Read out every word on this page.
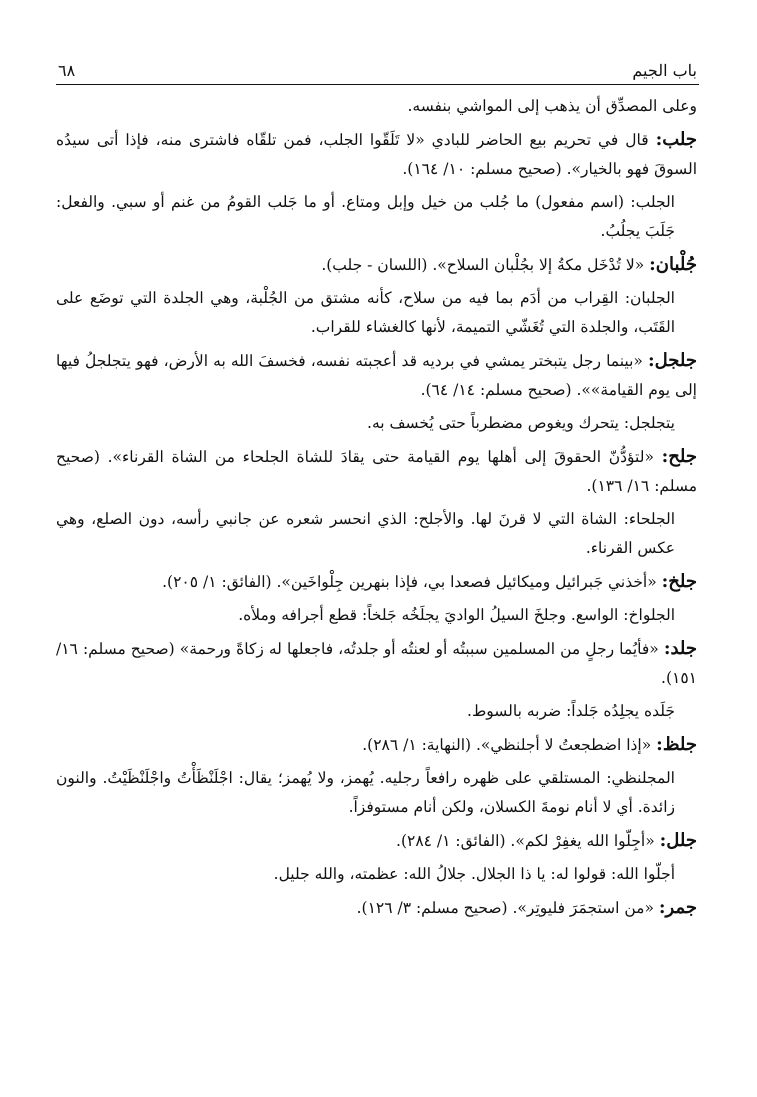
باب الجيم
٦٨

وعلى المصدِّق أن يذهب إلى المواشي بنفسه.

جلب: قال في تحريم بيع الحاضر للبادي «لا تَلَقّوا الجلب، فمن تلقّاه فاشترى منه، فإذا أتى سيدُه السوقَ فهو بالخيار». (صحيح مسلم: ١٠/ ١٦٤).

الجلب: (اسم مفعول) ما جُلب من خيل وإبل ومتاع. أو ما جَلب القومُ من غنم أو سبي. والفعل: جَلَبَ يجلُبُ.

جُلْبان: «لا تُدْخَل مكةُ إلا بجُلْبان السلاح». (اللسان - جلب).

الجلبان: القِراب من أدَم بما فيه من سلاح، كأنه مشتق من الجُلْبة، وهي الجلدة التي توضَع على القَتَب، والجلدة التي تُغَشّي التميمة، لأنها كالغشاء للقراب.

جلجل: «بينما رجل يتبختر يمشي في برديه قد أعجبته نفسه، فخسفَ الله به الأرض، فهو يتجلجلُ فيها إلى يوم القيامة»». (صحيح مسلم: ١٤/ ٦٤).

يتجلجل: يتحرك ويغوص مضطرباً حتى يُخسف به.

جلح: «لتؤدُّنّ الحقوقَ إلى أهلها يوم القيامة حتى يقادَ للشاة الجلحاء من الشاة القرناء». (صحيح مسلم: ١٦/ ١٣٦).

الجلحاء: الشاة التي لا قرنَ لها. والأجلح: الذي انحسر شعره عن جانبي رأسه، دون الصلع، وهي عكس القرناء.

جلخ: «أخذني جَبرائيل وميكائيل فصعدا بي، فإذا بنهرين جِلْواخَين». (الفائق: ١/ ٢٠٥).

الجلواخ: الواسع. وجلخَ السيلُ الواديَ يجلَخُه جَلخاً: قطع أجرافه وملأه.

جلد: «فأيُما رجلٍ من المسلمين سببتُه أو لعنتُه أو جلدتُه، فاجعلها له زكاةً ورحمة» (صحيح مسلم: ١٦/ ١٥١).

جَلَده يجلِدُه جَلداً: ضربه بالسوط.

جلظ: «إذا اضطجعتُ لا أجلنظي». (النهاية: ١/ ٢٨٦).

المجلنظي: المستلقي على ظهره رافعاً رجليه. يُهمز، ولا يُهمز؛ يقال: اجْلَنْظَأْتُ واجْلَنْظَيْتُ. والنون زائدة. أي لا أنام نومةَ الكسلان، ولكن أنام مستوفزاً.

جلل: «أجِلّوا الله يغفِرْ لكم». (الفائق: ١/ ٢٨٤).

أجلّوا الله: قولوا له: يا ذا الجلال. جلالُ الله: عظمته، والله جليل.

جمر: «من استجمَرَ فليوتِر». (صحيح مسلم: ٣/ ١٢٦).
